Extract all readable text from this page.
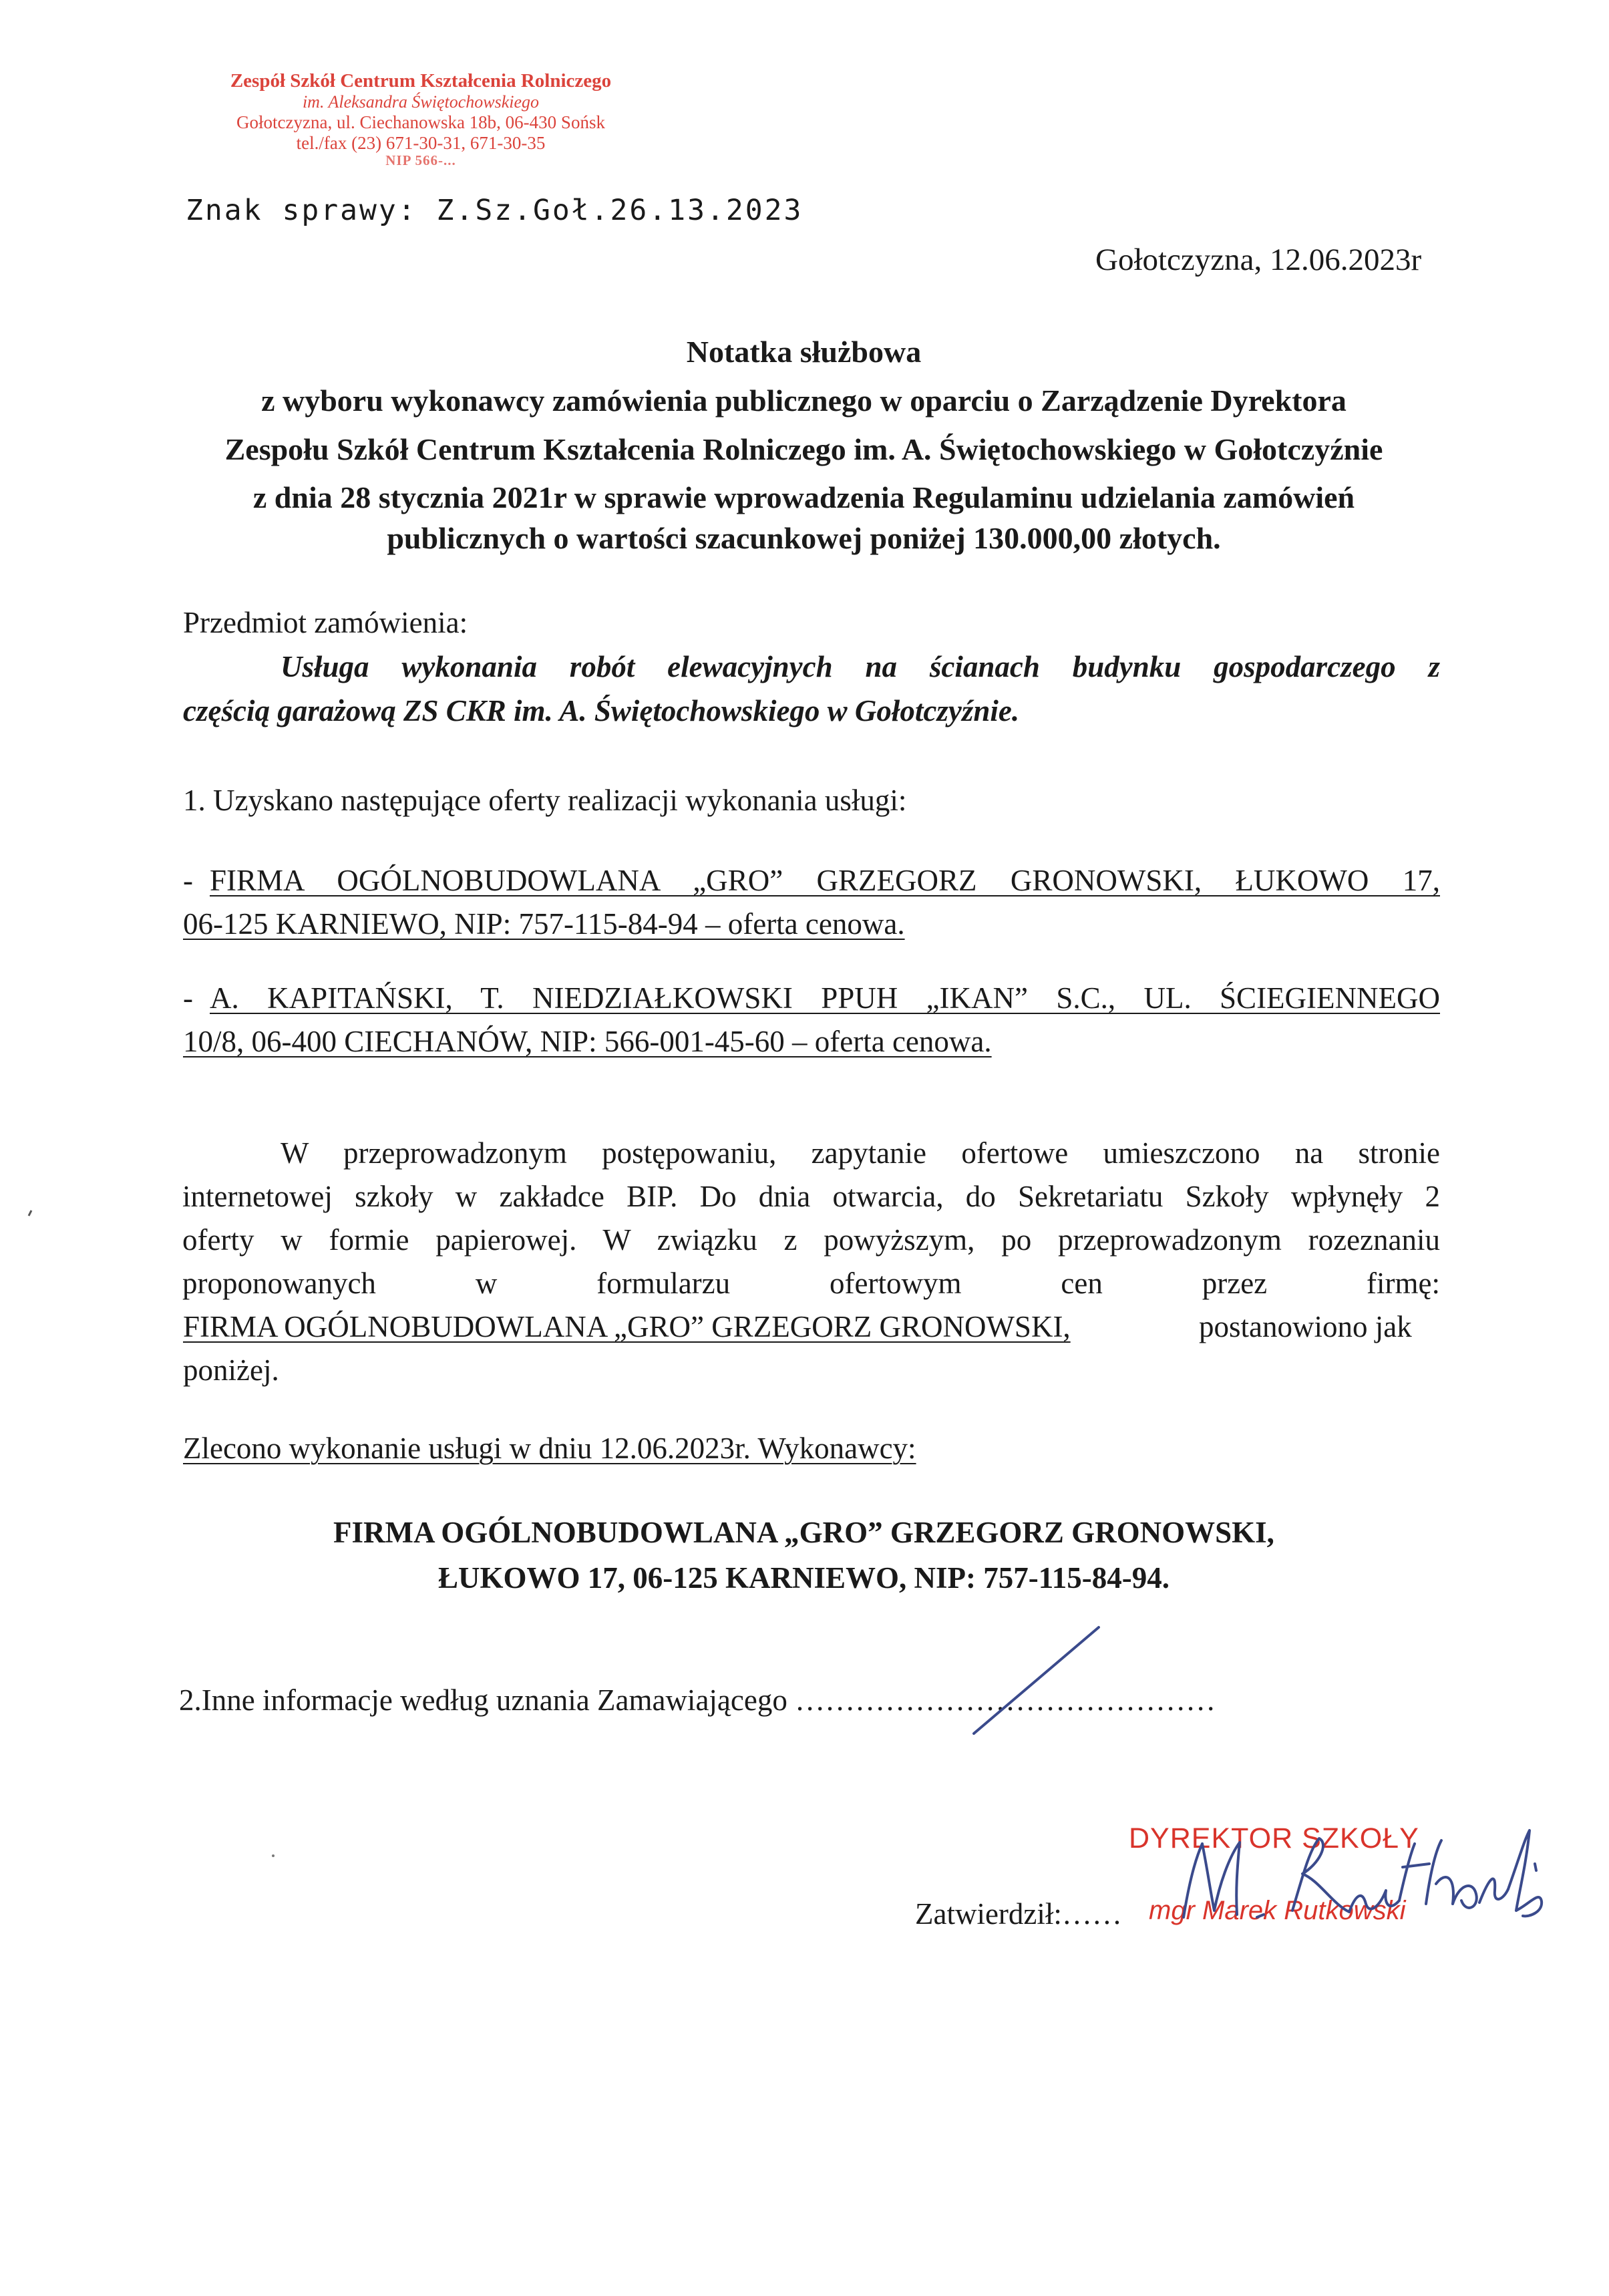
Zespół Szkół Centrum Kształcenia Rolniczego
im. Aleksandra Świętochowskiego
Gołotczyzna, ul. Ciechanowska 18b, 06-430 Sońsk
tel./fax (23) 671-30-31, 671-30-35
NIP 566-...
Znak sprawy: Z.Sz.Goł.26.13.2023
Gołotczyzna, 12.06.2023r
Notatka służbowa
z wyboru wykonawcy zamówienia publicznego w oparciu o Zarządzenie Dyrektora
Zespołu Szkół Centrum Kształcenia Rolniczego im. A. Świętochowskiego w Gołotczyźnie
z dnia 28 stycznia 2021r w sprawie wprowadzenia Regulaminu udzielania zamówień
publicznych o wartości szacunkowej poniżej 130.000,00 złotych.
Przedmiot zamówienia:
Usługa wykonania robót elewacyjnych na ścianach budynku gospodarczego z
częścią garażową ZS CKR im. A. Świętochowskiego w Gołotczyźnie.
1. Uzyskano następujące oferty realizacji wykonania usługi:
- FIRMA OGÓLNOBUDOWLANA „GRO” GRZEGORZ GRONOWSKI, ŁUKOWO 17,
06-125 KARNIEWO, NIP: 757-115-84-94 – oferta cenowa.
- A. KAPITAŃSKI, T. NIEDZIAŁKOWSKI PPUH „IKAN” S.C., UL. ŚCIEGIENNEGO
10/8, 06-400 CIECHANÓW, NIP: 566-001-45-60 – oferta cenowa.
W przeprowadzonym postępowaniu, zapytanie ofertowe umieszczono na stronie
internetowej szkoły w zakładce BIP. Do dnia otwarcia, do Sekretariatu Szkoły wpłynęły 2
oferty w formie papierowej. W związku z powyższym, po przeprowadzonym rozeznaniu
proponowanych w formularzu ofertowym cen przez firmę:
FIRMA OGÓLNOBUDOWLANA „GRO” GRZEGORZ GRONOWSKI,	postanowiono jak
poniżej.
Zlecono wykonanie usługi w dniu 12.06.2023r. Wykonawcy:
FIRMA OGÓLNOBUDOWLANA „GRO” GRZEGORZ GRONOWSKI,
ŁUKOWO 17, 06-125 KARNIEWO, NIP: 757-115-84-94.
2.Inne informacje według uznania Zamawiającego ……………………………………
Zatwierdził:……
DYREKTOR SZKOŁY
mgr Marek Rutkowski
